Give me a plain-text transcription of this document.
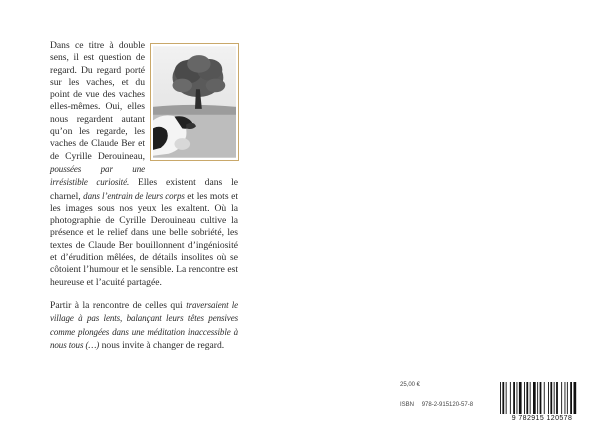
Dans ce titre à double sens, il est question de regard. Du regard porté sur les vaches, et du point de vue des vaches elles-mêmes. Oui, elles nous regardent autant qu’on les regarde, les vaches de Claude Ber et de Cyrille Derouineau, poussées par une irrésistible curiosité. Elles existent dans le charnel, dans l’entrain de leurs corps et les mots et les images sous nos yeux les exaltent. Où la photographie de Cyrille Derouineau cultive la présence et le relief dans une belle sobriété, les textes de Claude Ber bouillonnent d’ingéniosité et d’érudition mêlées, de détails insolites où se côtoient l’humour et le sensible. La rencontre est heureuse et l’acuité partagée.

Partir à la rencontre de celles qui traversaient le village à pas lents, balançant leurs têtes pensives comme plongées dans une méditation inaccessible à nous tous (…) nous invite à changer de regard.

25,00 €
ISBN 978-2-915120-57-8
9 782915 120578
